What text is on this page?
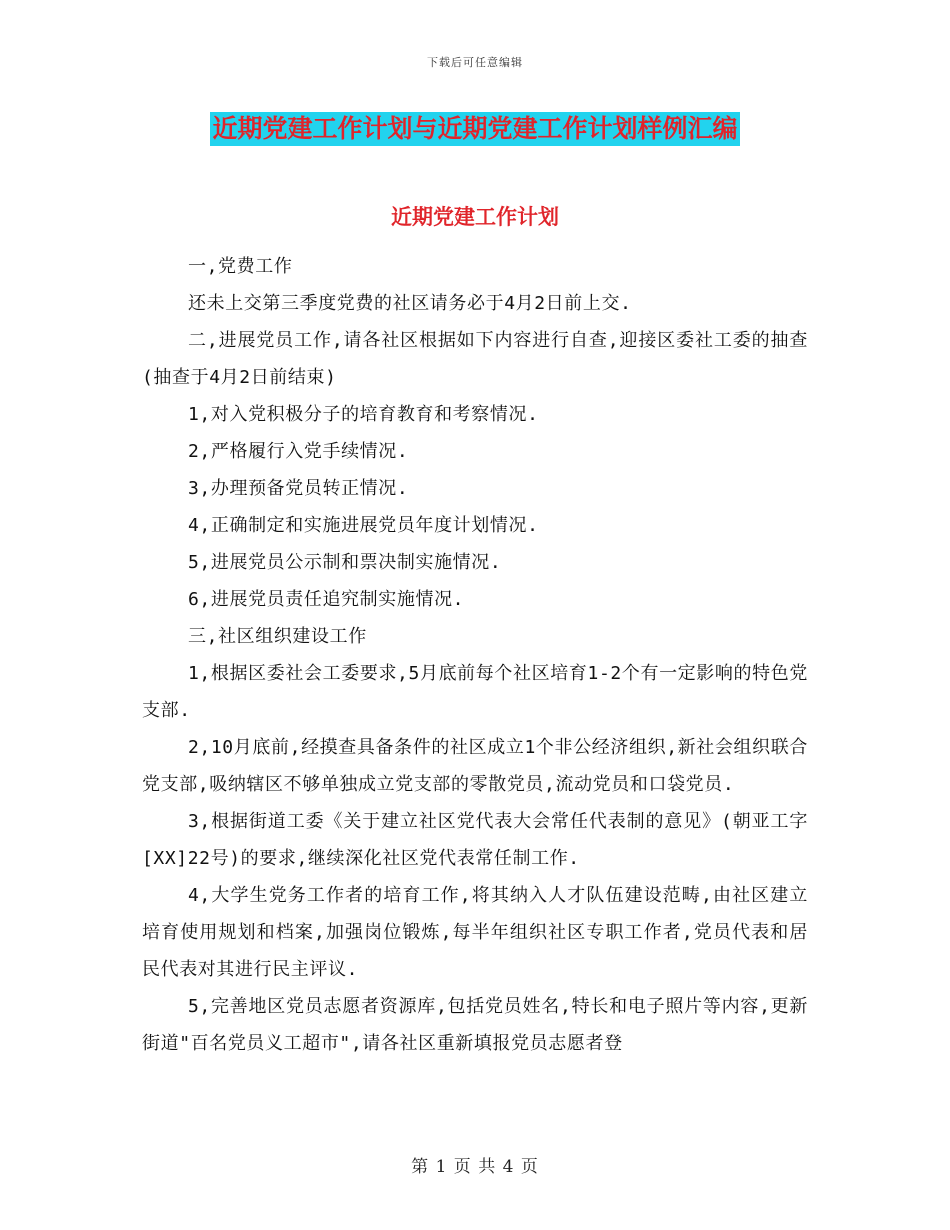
下载后可任意编辑
近期党建工作计划与近期党建工作计划样例汇编
近期党建工作计划

一,党费工作

还未上交第三季度党费的社区请务必于4月2日前上交.

二,进展党员工作,请各社区根据如下内容进行自查,迎接区委社工委的抽查(抽查于4月2日前结束)

1,对入党积极分子的培育教育和考察情况.

2,严格履行入党手续情况.

3,办理预备党员转正情况.

4,正确制定和实施进展党员年度计划情况.

5,进展党员公示制和票决制实施情况.

6,进展党员责任追究制实施情况.

三,社区组织建设工作

1,根据区委社会工委要求,5月底前每个社区培育1-2个有一定影响的特色党支部.

2,10月底前,经摸查具备条件的社区成立1个非公经济组织,新社会组织联合党支部,吸纳辖区不够单独成立党支部的零散党员,流动党员和口袋党员.

3,根据街道工委《关于建立社区党代表大会常任代表制的意见》(朝亚工字[XX]22号)的要求,继续深化社区党代表常任制工作.

4,大学生党务工作者的培育工作,将其纳入人才队伍建设范畴,由社区建立培育使用规划和档案,加强岗位锻炼,每半年组织社区专职工作者,党员代表和居民代表对其进行民主评议.

5,完善地区党员志愿者资源库,包括党员姓名,特长和电子照片等内容,更新街道"百名党员义工超市",请各社区重新填报党员志愿者登

第 1 页 共 4 页
